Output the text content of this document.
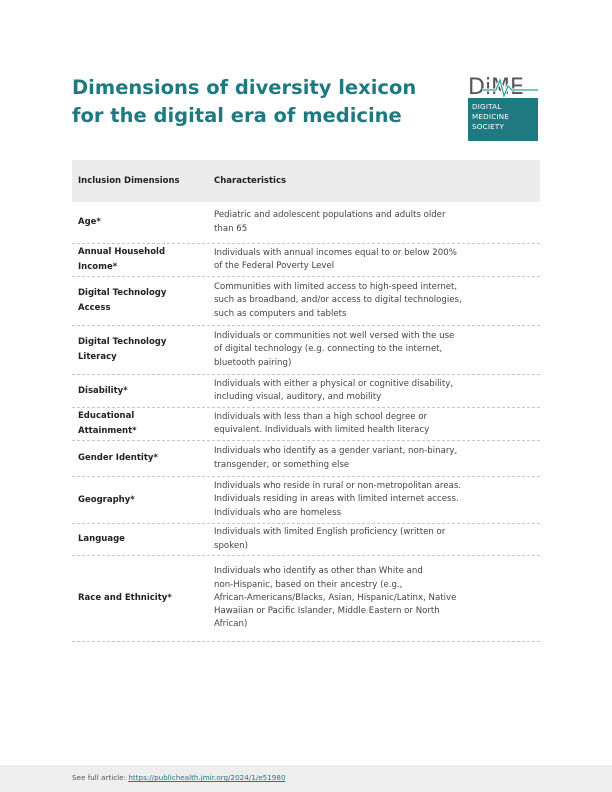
Dimensions of diversity lexicon
for the digital era of medicine
DiME
DIGITAL
MEDICINE
SOCIETY
Inclusion Dimensions	Characteristics
Age*
Pediatric and adolescent populations and adults older
than 65
Annual Household
Income*
Individuals with annual incomes equal to or below 200%
of the Federal Poverty Level
Digital Technology
Access
Communities with limited access to high-speed internet,
such as broadband, and/or access to digital technologies,
such as computers and tablets
Digital Technology
Literacy
Individuals or communities not well versed with the use
of digital technology (e.g. connecting to the internet,
bluetooth pairing)
Disability*
Individuals with either a physical or cognitive disability,
including visual, auditory, and mobility
Educational
Attainment*
Individuals with less than a high school degree or
equivalent. Individuals with limited health literacy
Gender Identity*
Individuals who identify as a gender variant, non-binary,
transgender, or something else
Geography*
Individuals who reside in rural or non-metropolitan areas.
Individuals residing in areas with limited internet access.
Individuals who are homeless
Language
Individuals with limited English proficiency (written or
spoken)
Race and Ethnicity*
Individuals who identify as other than White and
non-Hispanic, based on their ancestry (e.g.,
African-Americans/Blacks, Asian, Hispanic/Latinx, Native
Hawaiian or Pacific Islander, Middle Eastern or North
African)
See full article: https://publichealth.jmir.org/2024/1/e51980
